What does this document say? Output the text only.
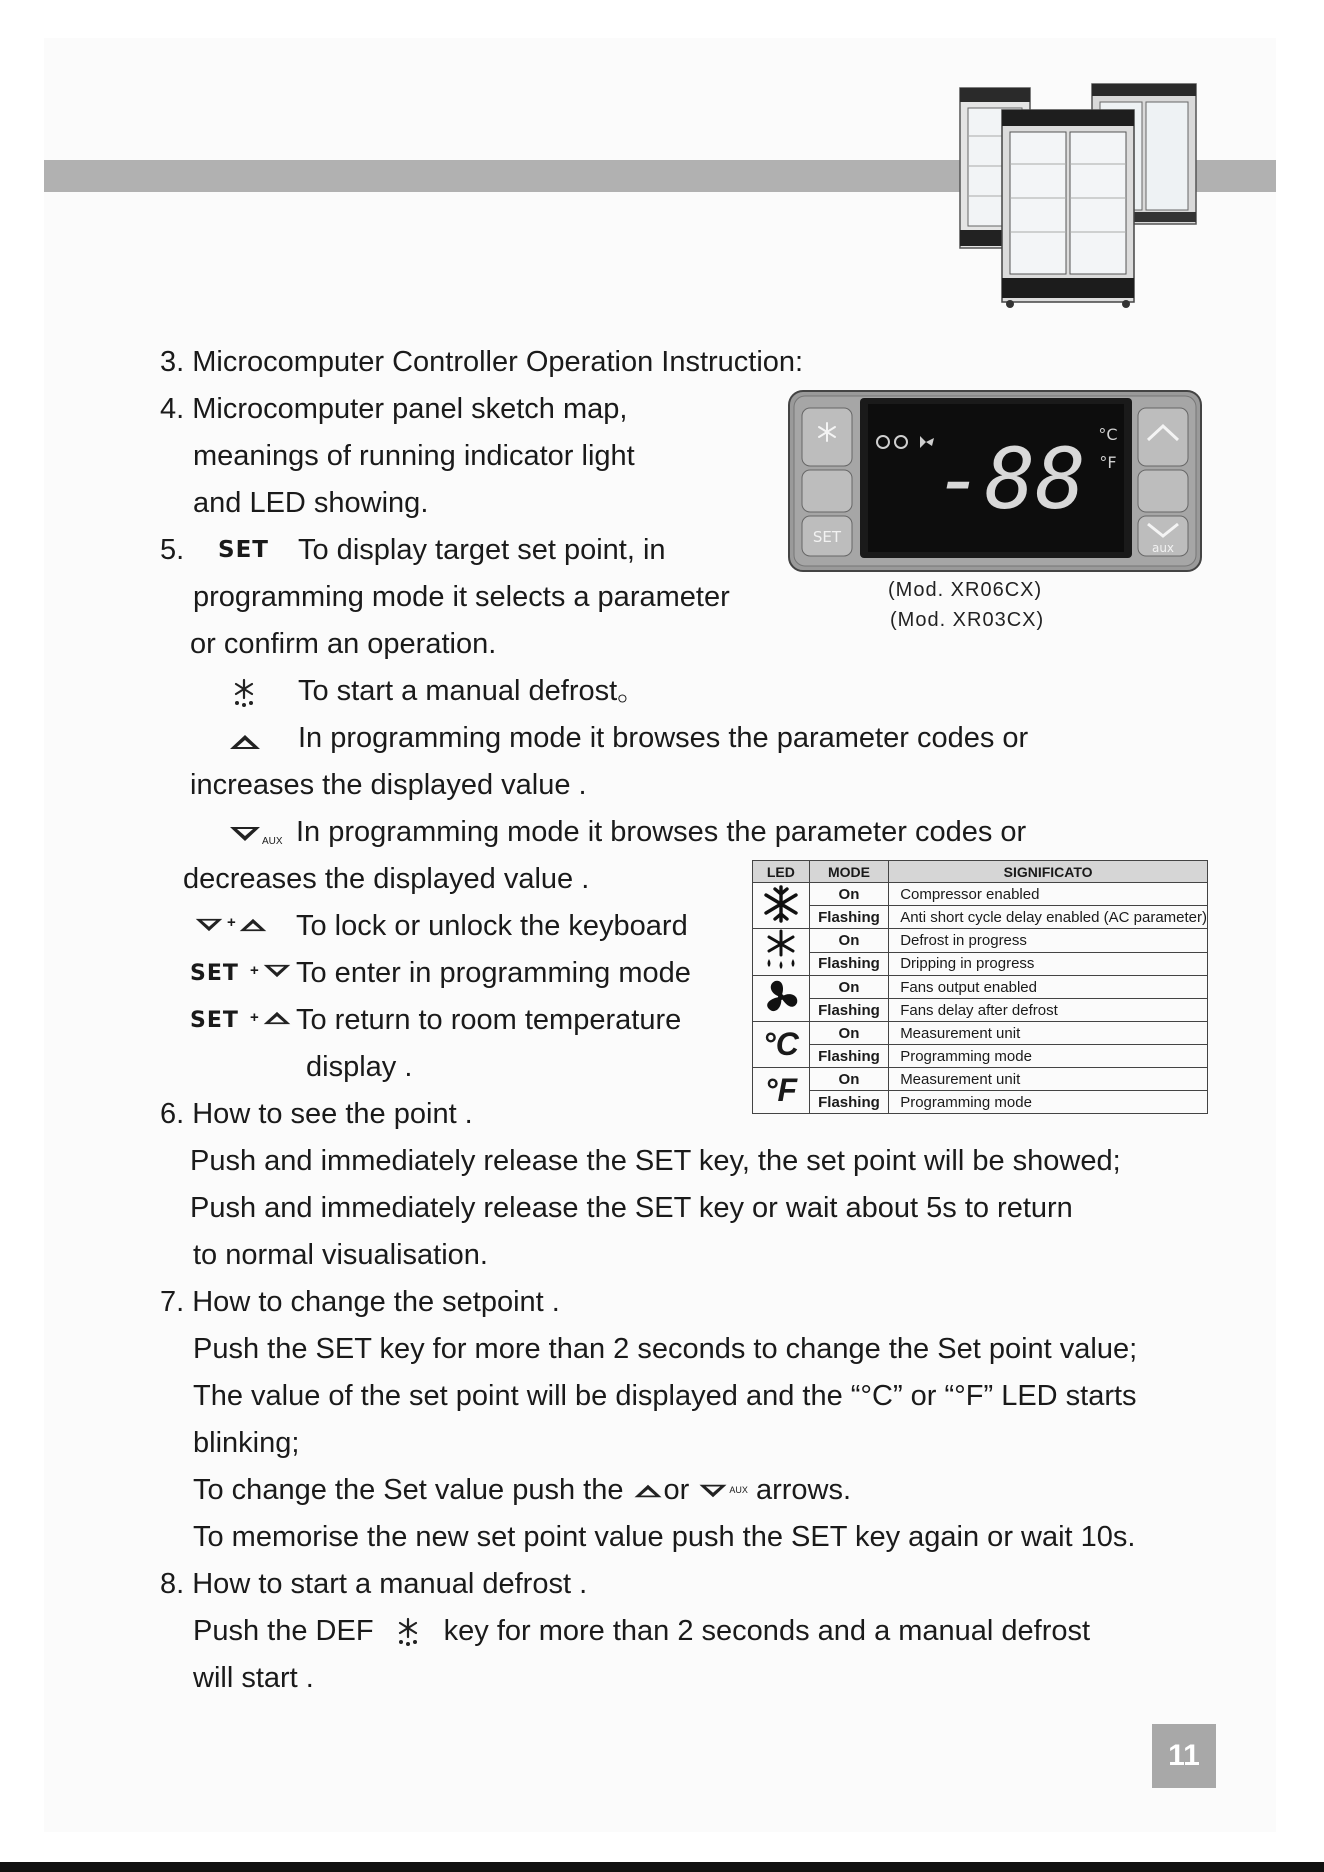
3. Microcomputer Controller Operation Instruction:
4. Microcomputer panel sketch map,
meanings of running indicator light
and LED showing.
5. SET To display target set point, in
programming mode it selects a parameter
or confirm an operation.
To start a manual defrost。
In programming mode it browses the parameter codes or
increases the displayed value .
AUX In programming mode it browses the parameter codes or
decreases the displayed value .
+ To lock or unlock the keyboard
SET + To enter in programming mode
SET + To return to room temperature
display .
SET
aux
-88 °C
°F
(Mod. XR06CX)
(Mod. XR03CX)
LED	MODE	SIGNIFICATO
	On	Compressor enabled
	Flashing	Anti short cycle delay enabled (AC parameter)
	On	Defrost in progress
	Flashing	Dripping in progress
	On	Fans output enabled
	Flashing	Fans delay after defrost
°C	On	Measurement unit
	Flashing	Programming mode
°F	On	Measurement unit
	Flashing	Programming mode
6. How to see the point .
Push and immediately release the SET key, the set point will be showed;
Push and immediately release the SET key or wait about 5s to return
to normal visualisation.
7. How to change the setpoint .
Push the SET key for more than 2 seconds to change the Set point value;
The value of the set point will be displayed and the “°C” or “°F” LED starts
blinking;
To change the Set value push the or	AUX arrows.
To memorise the new set point value push the SET key again or wait 10s.
8. How to start a manual defrost .
Push the DEF key for more than 2 seconds and a manual defrost
will start .
11
